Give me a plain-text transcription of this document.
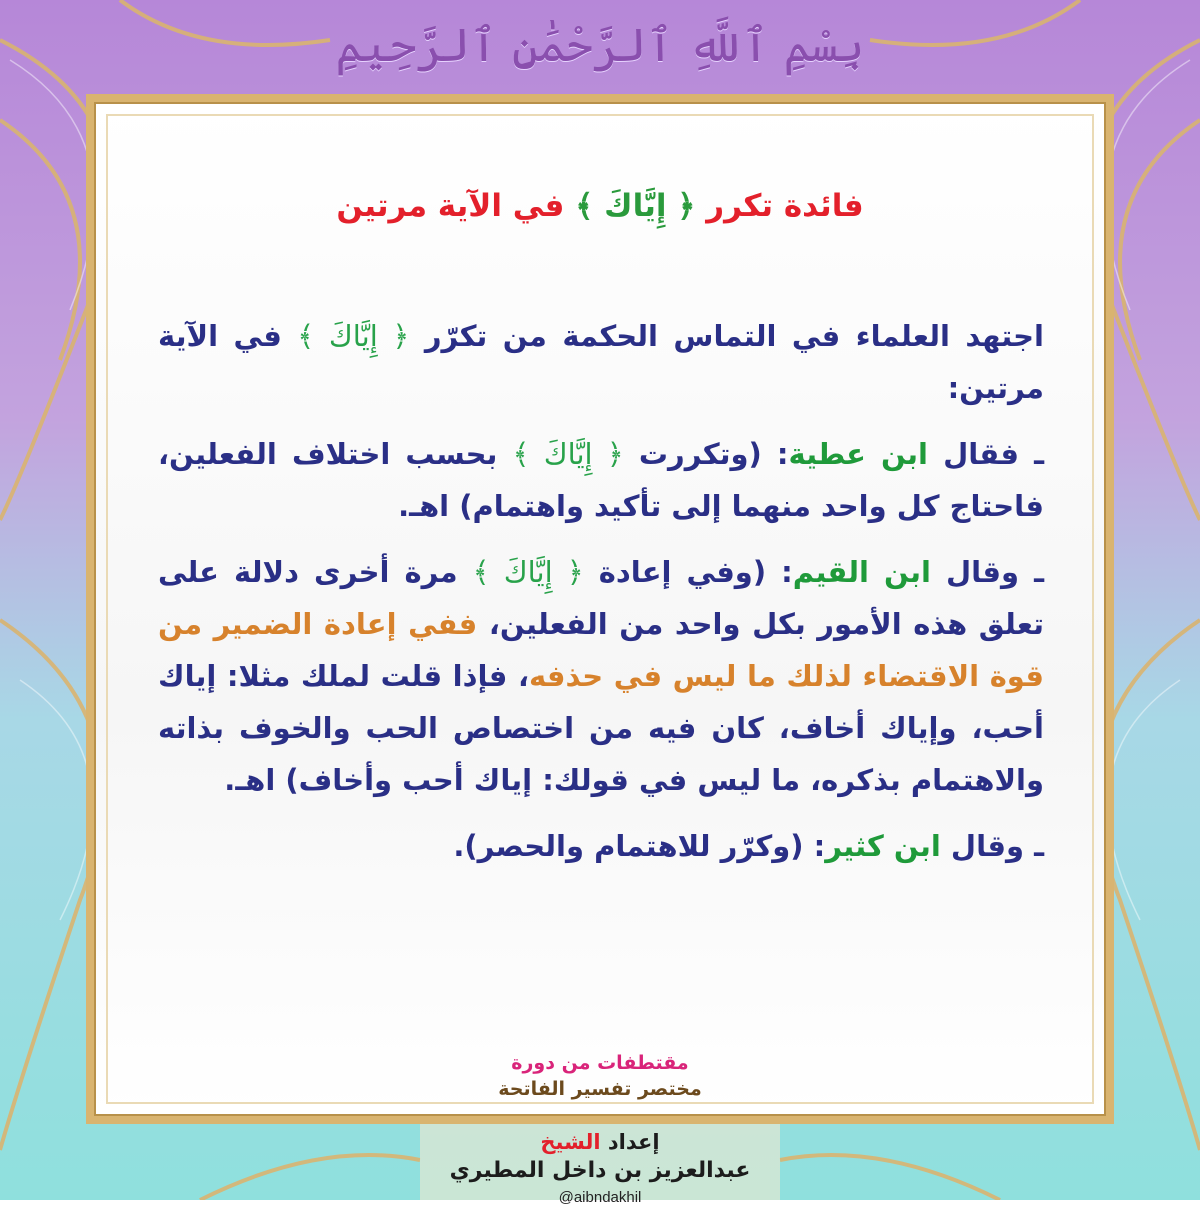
بِسْمِ ٱللَّهِ ٱلرَّحْمَٰنِ ٱلرَّحِيمِ
فائدة تكرر ﴿ إِيَّاكَ ﴾ في الآية مرتين

اجتهد العلماء في التماس الحكمة من تكرّر ﴿ إِيَّاكَ ﴾ في الآية مرتين:

ـ فقال ابن عطية: (وتكررت ﴿ إِيَّاكَ ﴾ بحسب اختلاف الفعلين، فاحتاج كل واحد منهما إلى تأكيد واهتمام) اهـ.

ـ وقال ابن القيم: (وفي إعادة ﴿ إِيَّاكَ ﴾ مرة أخرى دلالة على تعلق هذه الأمور بكل واحد من الفعلين، ففي إعادة الضمير من قوة الاقتضاء لذلك ما ليس في حذفه، فإذا قلت لملك مثلا: إياك أحب، وإياك أخاف، كان فيه من اختصاص الحب والخوف بذاته والاهتمام بذكره، ما ليس في قولك: إياك أحب وأخاف) اهـ.

ـ وقال ابن كثير: (وكرّر للاهتمام والحصر).

مقتطفات من دورة
مختصر تفسير الفاتحة
إعداد الشيخ
عبدالعزيز بن داخل المطيري
@aibndakhil
